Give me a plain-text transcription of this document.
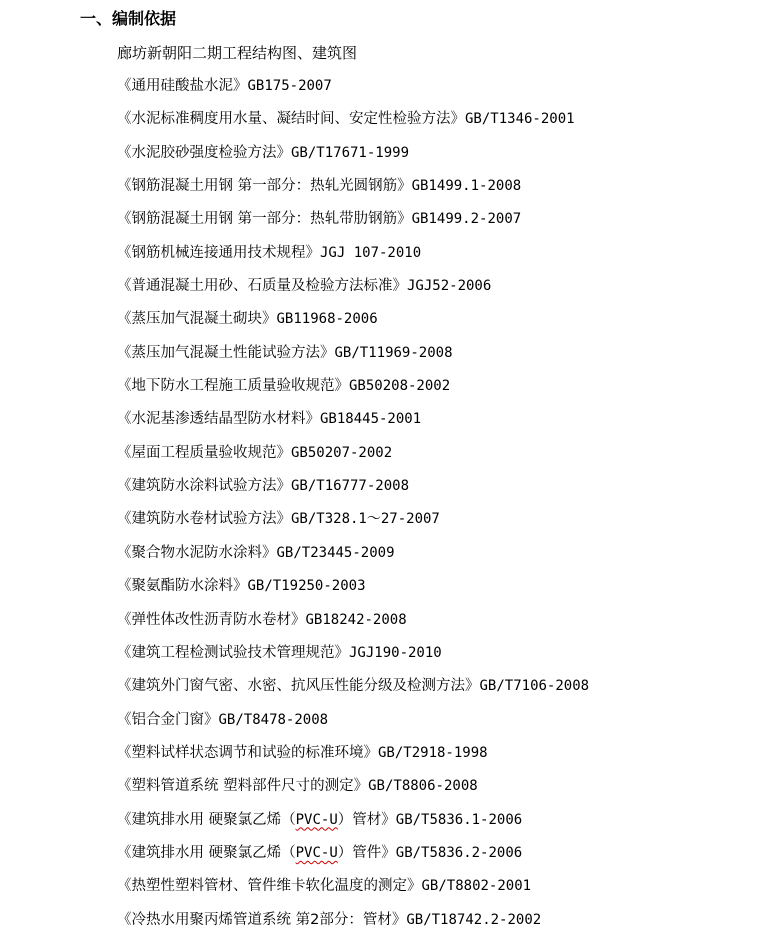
一、编制依据
廊坊新朝阳二期工程结构图、建筑图
《通用硅酸盐水泥》GB175-2007
《水泥标准稠度用水量、凝结时间、安定性检验方法》GB/T1346-2001
《水泥胶砂强度检验方法》GB/T17671-1999
《钢筋混凝土用钢 第一部分：热轧光圆钢筋》GB1499.1-2008
《钢筋混凝土用钢 第一部分：热轧带肋钢筋》GB1499.2-2007
《钢筋机械连接通用技术规程》JGJ 107-2010
《普通混凝土用砂、石质量及检验方法标准》JGJ52-2006
《蒸压加气混凝土砌块》GB11968-2006
《蒸压加气混凝土性能试验方法》GB/T11969-2008
《地下防水工程施工质量验收规范》GB50208-2002
《水泥基渗透结晶型防水材料》GB18445-2001
《屋面工程质量验收规范》GB50207-2002
《建筑防水涂料试验方法》GB/T16777-2008
《建筑防水卷材试验方法》GB/T328.1～27-2007
《聚合物水泥防水涂料》GB/T23445-2009
《聚氨酯防水涂料》GB/T19250-2003
《弹性体改性沥青防水卷材》GB18242-2008
《建筑工程检测试验技术管理规范》JGJ190-2010
《建筑外门窗气密、水密、抗风压性能分级及检测方法》GB/T7106-2008
《铝合金门窗》GB/T8478-2008
《塑料试样状态调节和试验的标准环境》GB/T2918-1998
《塑料管道系统 塑料部件尺寸的测定》GB/T8806-2008
《建筑排水用 硬聚氯乙烯（PVC-U）管材》GB/T5836.1-2006
《建筑排水用 硬聚氯乙烯（PVC-U）管件》GB/T5836.2-2006
《热塑性塑料管材、管件维卡软化温度的测定》GB/T8802-2001
《冷热水用聚丙烯管道系统 第2部分：管材》GB/T18742.2-2002
